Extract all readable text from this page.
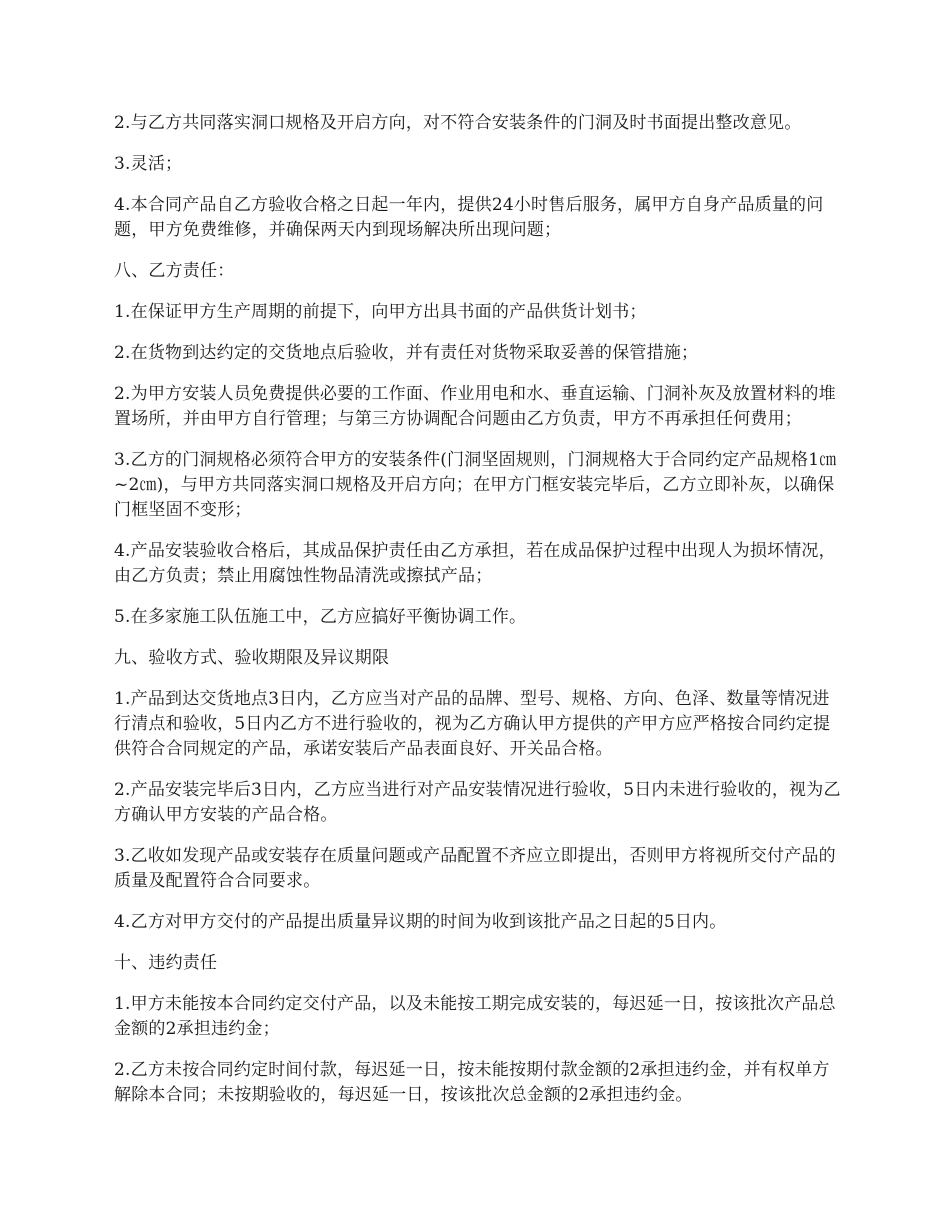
2.与乙方共同落实洞口规格及开启方向，对不符合安装条件的门洞及时书面提出整改意见。

3.灵活；

4.本合同产品自乙方验收合格之日起一年内，提供24小时售后服务，属甲方自身产品质量的问题，甲方免费维修，并确保两天内到现场解决所出现问题；

八、乙方责任：

1.在保证甲方生产周期的前提下，向甲方出具书面的产品供货计划书；

2.在货物到达约定的交货地点后验收，并有责任对货物采取妥善的保管措施；

2.为甲方安装人员免费提供必要的工作面、作业用电和水、垂直运输、门洞补灰及放置材料的堆置场所，并由甲方自行管理；与第三方协调配合问题由乙方负责，甲方不再承担任何费用；

3.乙方的门洞规格必须符合甲方的安装条件(门洞坚固规则，门洞规格大于合同约定产品规格1㎝~2㎝)，与甲方共同落实洞口规格及开启方向；在甲方门框安装完毕后，乙方立即补灰，以确保门框坚固不变形；

4.产品安装验收合格后，其成品保护责任由乙方承担，若在成品保护过程中出现人为损坏情况，由乙方负责；禁止用腐蚀性物品清洗或擦拭产品；

5.在多家施工队伍施工中，乙方应搞好平衡协调工作。

九、验收方式、验收期限及异议期限

1.产品到达交货地点3日内，乙方应当对产品的品牌、型号、规格、方向、色泽、数量等情况进行清点和验收，5日内乙方不进行验收的，视为乙方确认甲方提供的产甲方应严格按合同约定提供符合合同规定的产品，承诺安装后产品表面良好、开关品合格。

2.产品安装完毕后3日内，乙方应当进行对产品安装情况进行验收，5日内未进行验收的，视为乙方确认甲方安装的产品合格。

3.乙收如发现产品或安装存在质量问题或产品配置不齐应立即提出，否则甲方将视所交付产品的质量及配置符合合同要求。

4.乙方对甲方交付的产品提出质量异议期的时间为收到该批产品之日起的5日内。

十、违约责任

1.甲方未能按本合同约定交付产品，以及未能按工期完成安装的，每迟延一日，按该批次产品总金额的2承担违约金；

2.乙方未按合同约定时间付款，每迟延一日，按未能按期付款金额的2承担违约金，并有权单方解除本合同；未按期验收的，每迟延一日，按该批次总金额的2承担违约金。
